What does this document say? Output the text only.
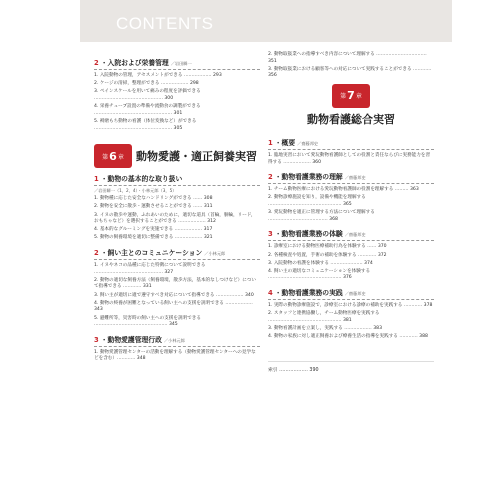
CONTENTS
2 ・入院および栄養管理 ／岩田瞬一
1. 入院動物の管理，アセスメントができる ……………… 293
2. ケージの清掃，整理ができる ……………… 298
3. ペインスケールを用いて痛みの程度を評価できる ……………………………………… 300
4. 栄養チューブ設置の準備や流動食の調製ができる …………………………………………… 301
5. 褥瘡もち動物の看護（体位変換など）ができる …………………………………………… 305
第 6 章 動物愛護・適正飼養実習
1 ・動物の基本的な取り扱い
／岩田瞬一（1，2，4）・小林元郎（3，5）
1. 動物種に応じた安全なハンドリングができる …… 308
2. 動物を安全に散歩・運動させることができる …… 311
3. イヌの散歩や運動，ふれあいのために，適切な道具（首輪，胴輪，リード，おもちゃなど）を選択することができる ……………… 312
4. 基本的なグルーミングを実施できる ……………… 317
5. 動物の飼養環境を適切に整備できる ……………… 321
2 ・飼い主とのコミュニケーション ／小林元郎
1. イヌやネコの品種に応じた特徴について説明できる ……………………………………… 327
2. 動物の適切な飼養方法（飼養環境，散歩方法，基本的なしつけなど）について指導できる ………… 331
3. 飼い主が適切に適で遵守すべき対応について指導できる ……………… 340
4. 動物の終養が困難となっている飼い主への支援を説明できる ……………… 343
5. 避難所等，災害時の飼い主への支援を説明できる ………………………………………… 345
3 ・動物愛護管理行政 ／小林元郎
1. 動物愛護管理センターの活動を理解する（動物愛護管理センターへの見学などを含む）………… 348
2. 動物取扱業への指導すべき内容について理解する …………………………… 351
3. 動物取扱業における顧客等への対応について実践することができる ………… 356
第 7 章
動物看護総合実習
1 ・概要 ／齋藤邦史
1. 臨地実習において愛玩動物看護師としての役割と責任ならびに実務能力を習得する ……………… 360
2 ・動物看護業務の理解 ／齋藤邦史
1. チーム動物医療における愛玩動物看護師の役割を理解する ……… 363
2. 動物診療施設を知り，設備や機能を理解する ………………………………………… 365
3. 愛玩動物を適正に管理する方法について理解する ………………………………… 368
3 ・動物看護業務の体験 ／齋藤邦史
1. 診療室における動物医療補助行為を体験する …… 370
2. 各種検査や処置，手術の補助を体験する ………… 372
3. 入院動物の看護を体験する ………………… 374
4. 飼い主の適切なコミュニケーションを体験する ………………………………………… 376
4 ・動物看護業務の実践 ／齋藤邦史
1. 実際の動物診療施設で，診療室における診療の補助を実践する ………… 378
2. スタッフと連携協働し，チーム動物医療を実践する ………………………………………… 381
3. 動物看護計画を立案し，実践する ……………… 383
4. 動物の家族に対し適正飼養および療養生活の指導を実践する ………… 388
索引 ……………… 390
